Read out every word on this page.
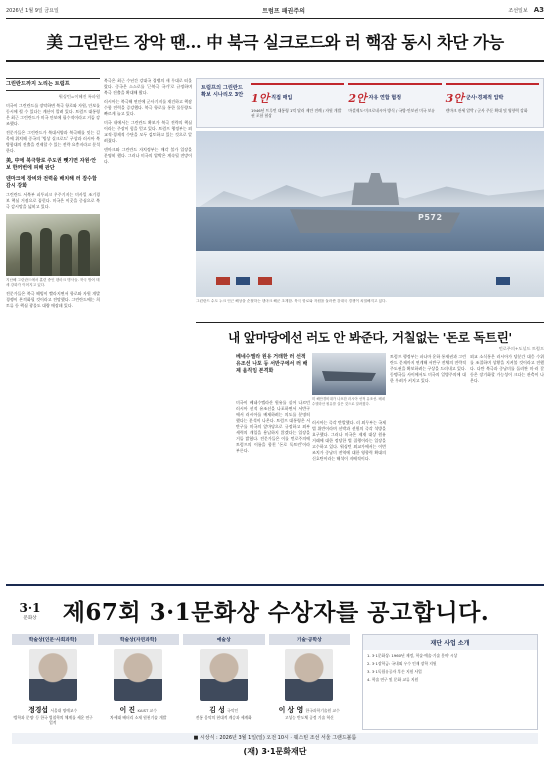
2026년 1월 9일 금요일	트럼프 패권주의	조선일보 A3
美 그린란드 장악 땐… 中 북극 실크로드와 러 핵잠 동시 차단 가능
그린란드까지 노리는 트럼프
워싱턴=이혜진 특파원

미국이 그린란드를 장악하면 북극 항로와 자원, 안보를 동시에 쥘 수 있다는 계산이 깔려 있다. 트럼프 대통령은 최근 그린란드가 미국 안보에 필수적이라고 거듭 강조했다.

전문가들은 그린란드가 북대서양과 북극해를 잇는 길목에 위치해 중국의 '빙상 실크로드' 구상과 러시아 북방함대의 진출을 견제할 수 있는 전략 요충지라고 분석한다.

美, 中에 북극항로 주도권 뺏기면 자원·안보 한꺼번에 피해 판단
덴마크에 장비와 전력을 배치해 러 잠수함 감시 강화

그린란드 서북부 피투피크 우주기지는 미사일 조기경보 핵심 거점으로 꼽힌다. 미국은 이곳을 중심으로 북극 감시망을 넓히고 있다.

지난해 그린란드에서 훈련 중인 덴마크 병사들. 북극 방어 태세 강화가 이어지고 있다.

전문가들은 북극 해빙이 빨라지면서 항로와 자원 개발 경쟁이 본격화될 것이라고 전망했다. 그린란드에는 희토류 등 핵심 광물도 대량 매장돼 있다.

북극은 최근 수년간 강대국 경쟁의 새 무대로 떠올랐다. 중국은 스스로를 '근북극 국가'로 규정하며 북극 진출을 확대해 왔다.

러시아는 북극해 연안에 군사기지를 재건하고 핵잠수함 전력을 증강했다. 북극 항로를 통한 물동량도 빠르게 늘고 있다.

미국 내에서는 그린란드 확보가 북극 전략의 핵심이라는 주장이 힘을 얻고 있다. 트럼프 행정부는 외교적·경제적 수단을 모두 검토하고 있는 것으로 알려졌다.

덴마크와 그린란드 자치정부는 매각 불가 입장을 분명히 했다. 그러나 미국의 압박은 계속될 전망이다.

트럼프의 그린란드 확보 시나리오 3안 1안 직접 매입
1946년 트루먼 대통령 1억 달러 제안 전례 / 자원 개발권 포함 협상
2안 자유 연합 협정
마셜제도·미크로네시아 방식 / 국방·안보권 미국 보유
3안 군사·경제적 압박
덴마크 관세 압박 / 군사 주둔 확대 및 영향력 강화
P572
그린란드 수도 누크 인근 해상을 순찰하는 덴마크 해군 초계함. 북극 항로와 자원을 둘러싼 강대국 경쟁이 치열해지고 있다.
내 앞마당에선 러도 안 봐준다, 거칠없는 '돈로 독트린'
먼로주의+도널드 트럼프
베네수엘라 원유 거래한 러 선적 유조선 나포 등 서반구에서 러 배제 움직임 본격화
미 해안경비대가 나포한 러시아 선적 유조선. 베네수엘라산 원유를 실은 것으로 알려졌다.
미국이 베네수엘라산 원유를 실어 나르던 러시아 선적 유조선을 나포하면서 서반구에서 러시아를 배제하려는 의도를 분명히 했다는 분석이 나온다. 트럼프 대통령은 서반구를 미국의 앞마당으로 규정하고 외부 세력의 개입을 용납하지 않겠다는 입장을 거듭 밝혔다. 전문가들은 이를 먼로주의에 트럼프의 이름을 합친 '돈로 독트린'이라 부른다.
러시아는 즉각 반발했다. 러 외무부는 국제법 위반이라며 선박과 선원의 즉각 석방을 요구했다. 그러나 미국은 제재 대상 원유 거래에 대한 정당한 법 집행이라는 입장을 고수하고 있다. 워싱턴 외교가에서는 이번 조치가 중남미 전역에 대한 영향력 확대의 신호탄이라는 해석이 지배적이다.
트럼프 행정부는 파나마 운하 통제권과 그린란드 문제까지 연계해 서반구 전체의 전략적 주도권을 확보하려는 구상을 드러내고 있다. 동맹국들 사이에서도 미국의 일방주의에 대한 우려가 커지고 있다.
외교 소식통은 러시아가 당분간 대응 수위를 조절하며 상황을 지켜볼 것이라고 전했다. 다만 북극과 중남미를 둘러싼 미·러 갈등은 장기화할 가능성이 크다는 관측이 나온다.
3·1
문화상 제67회 3·1문화상 수상자를 공고합니다.
학술상(인문·사회과학)
정경섭 서울대 명예교수
'법학과 문명' 등 한국 법철학의 체계를 세운 연구 업적
학술상(자연과학)
이 진 KAIST 교수
차세대 배터리 소재 원천기술 개발
예술상
김 성 국악인
전통 음악의 현대적 계승과 세계화
기술·공학상
이 상 영 한국과학기술원 교수
고성능 반도체 공정 기술 혁신
재단 사업 소개
1. 3·1문화상: 1960년 제정, 학술·예술·기술 분야 시상
2. 3·1장학금: 국내외 우수 인재 장학 지원
3. 3·1독립유공자 후손 지원 사업
4. 학술 연구 및 문화 교류 지원
■ 시상식 : 2026년 3월 1일(일) 오전 10시 · 웨스틴 조선 서울 그랜드볼룸
(재) 3·1문화재단
